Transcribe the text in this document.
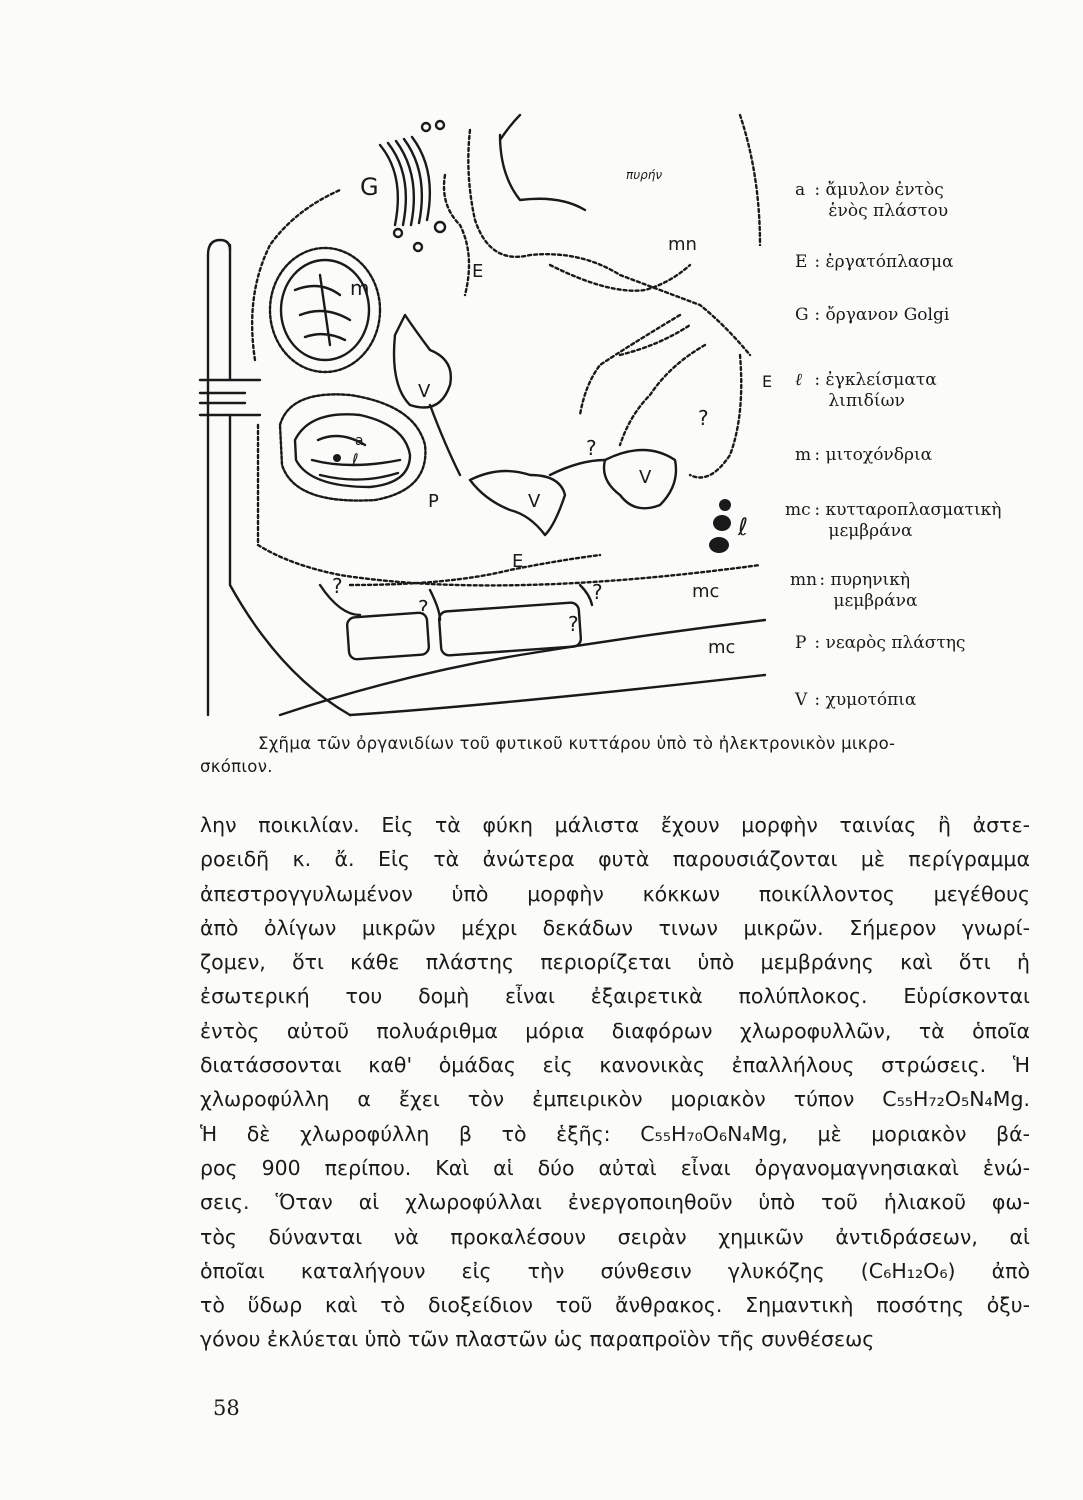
πυρήν
G
m
E
E
E
mn
V
V
V
P
a
ℓ
ℓ
mc
mc
?
?
?
?
?
?
a : ἄμυλον ἐντὸς
ἑνὸς πλάστου
E : ἐργατόπλασμα
G : ὄργανον Golgi
ℓ : ἐγκλείσματα
λιπιδίων
m : μιτοχόνδρια
mc : κυτταροπλασματικὴ
μεμβράνα
mn : πυρηνικὴ
μεμβράνα
P : νεαρὸς πλάστης
V : χυμοτόπια
Σχῆμα τῶν ὀργανιδίων τοῦ φυτικοῦ κυττάρου ὑπὸ τὸ ἠλεκτρονικὸν μικρο-
σκόπιον.
λην ποικιλίαν. Εἰς τὰ φύκη μάλιστα ἔχουν μορφὴν ταινίας ἢ ἀστε-
ροειδῆ κ. ἄ. Εἰς τὰ ἀνώτερα φυτὰ παρουσιάζονται μὲ περίγραμμα
ἀπεστρογγυλωμένον ὑπὸ μορφὴν κόκκων ποικίλλοντος μεγέθους
ἀπὸ ὀλίγων μικρῶν μέχρι δεκάδων τινων μικρῶν. Σήμερον γνωρί-
ζομεν, ὅτι κάθε πλάστης περιορίζεται ὑπὸ μεμβράνης καὶ ὅτι ἡ
ἐσωτερική του δομὴ εἶναι ἐξαιρετικὰ πολύπλοκος. Εὑρίσκονται
ἐντὸς αὐτοῦ πολυάριθμα μόρια διαφόρων χλωροφυλλῶν, τὰ ὁποῖα
διατάσσονται καθ' ὁμάδας εἰς κανονικὰς ἐπαλλήλους στρώσεις. Ἡ
χλωροφύλλη α ἔχει τὸν ἐμπειρικὸν μοριακὸν τύπον C₅₅H₇₂O₅N₄Mg.
Ἡ δὲ χλωροφύλλη β τὸ ἑξῆς: C₅₅H₇₀O₆N₄Mg, μὲ μοριακὸν βά-
ρος 900 περίπου. Καὶ αἱ δύο αὐταὶ εἶναι ὀργανομαγνησιακαὶ ἑνώ-
σεις. Ὅταν αἱ χλωροφύλλαι ἐνεργοποιηθοῦν ὑπὸ τοῦ ἡλιακοῦ φω-
τὸς δύνανται νὰ προκαλέσουν σειρὰν χημικῶν ἀντιδράσεων, αἱ
ὁποῖαι καταλήγουν εἰς τὴν σύνθεσιν γλυκόζης (C₆H₁₂O₆) ἀπὸ
τὸ ὕδωρ καὶ τὸ διοξείδιον τοῦ ἄνθρακος. Σημαντικὴ ποσότης ὀξυ-
γόνου ἐκλύεται ὑπὸ τῶν πλαστῶν ὡς παραπροϊὸν τῆς συνθέσεως
58
